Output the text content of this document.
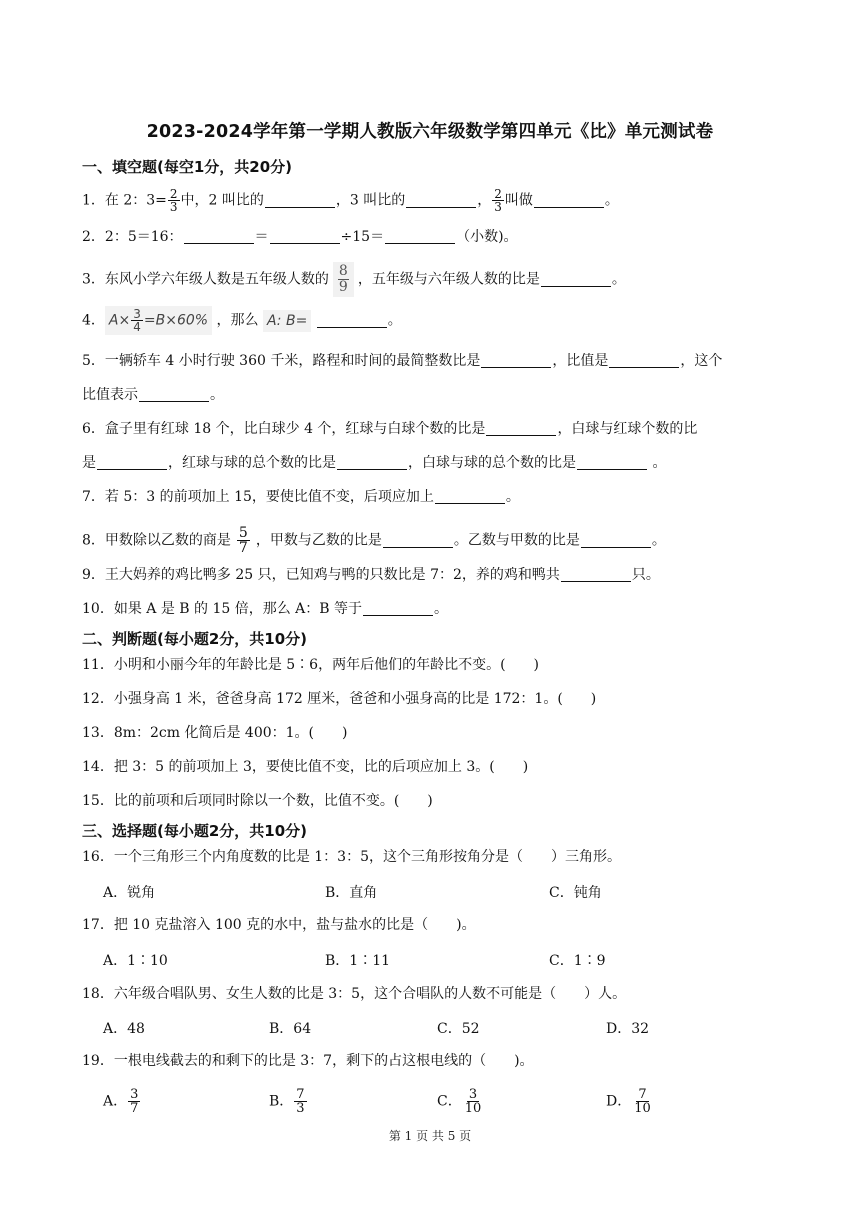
2023-2024学年第一学期人教版六年级数学第四单元《比》单元测试卷
一、填空题(每空1分，共20分)
1．在 2：$3= \frac{2}{3}$ 中，2 叫比的	，3 叫比的	， $\frac{2}{3}$ 叫做	。
2．2：5＝16：	＝	÷15＝	（小数)。
3．东风小学六年级人数是五年级人数的 $\frac{8}{9}$ ，五年级与六年级人数的比是	。
4． $A\times \frac{3}{4} =B\times 60\%$ ，那么 A: B=	。
5．一辆轿车 4 小时行驶 360 千米，路程和时间的最简整数比是	，比值是	，这个
比值表示	。
6．盒子里有红球 18 个，比白球少 4 个，红球与白球个数的比是	，白球与红球个数的比
是	，红球与球的总个数的比是	，白球与球的总个数的比是	。
7．若 5：3 的前项加上 15，要使比值不变，后项应加上	。
8．甲数除以乙数的商是 $\frac{5}{7}$ ，甲数与乙数的比是	。乙数与甲数的比是	。
9．王大妈养的鸡比鸭多 25 只，已知鸡与鸭的只数比是 7：2，养的鸡和鸭共	只。
10．如果 A 是 B 的 15 倍，那么 A：B 等于	。
二、判断题(每小题2分，共10分)
11．小明和小丽今年的年龄比是 5∶6，两年后他们的年龄比不变。(　　)
12．小强身高 1 米，爸爸身高 172 厘米，爸爸和小强身高的比是 172：1。(　　)
13．8m：2cm 化简后是 400：1。(　　)
14．把 3：5 的前项加上 3，要使比值不变，比的后项应加上 3。(　　)
15．比的前项和后项同时除以一个数，比值不变。(　　)
三、选择题(每小题2分，共10分)
16．一个三角形三个内角度数的比是 1：3：5，这个三角形按角分是（　　）三角形。
A．锐角	B．直角	C．钝角
17．把 10 克盐溶入 100 克的水中，盐与盐水的比是（　　)。
A．1∶10	B．1∶11	C．1∶9
18．六年级合唱队男、女生人数的比是 3：5，这个合唱队的人数不可能是（　　）人。
A．48	B．64	C．52	D．32
19．一根电线截去的和剩下的比是 3：7，剩下的占这根电线的（　　)。
A． $\frac{3}{7}$	B． $\frac{7}{3}$	C． $\frac{3}{10}$	D． $\frac{7}{10}$
第 1 页 共 5 页
